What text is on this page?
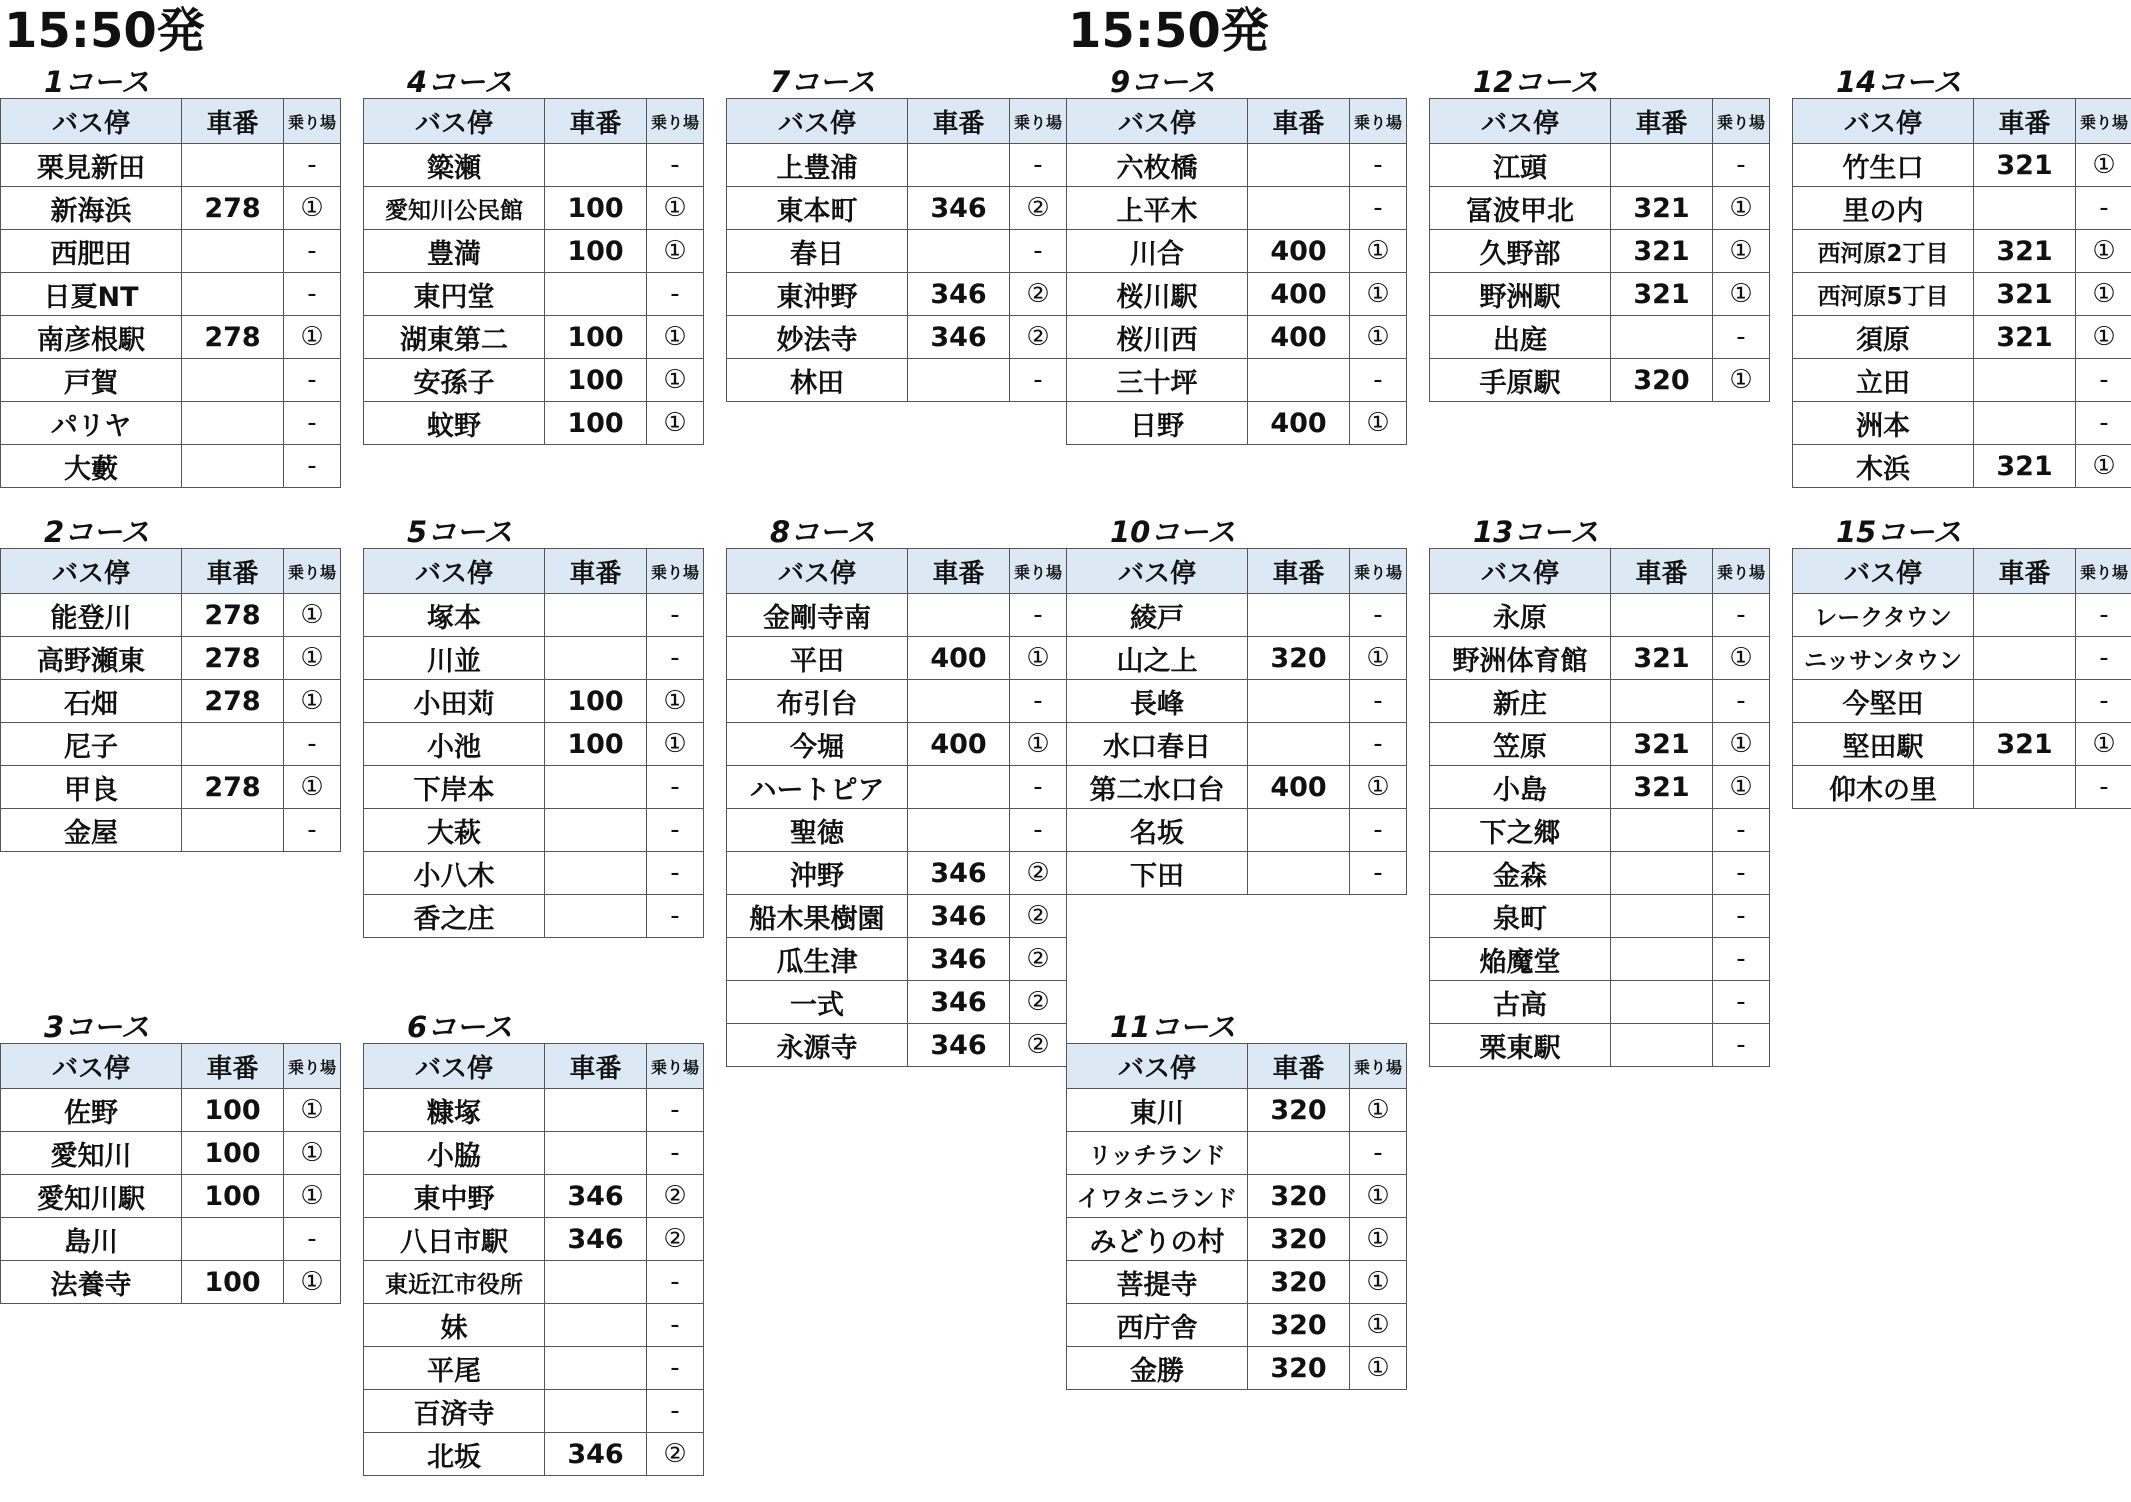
15:50発	15:50発
1コース
バス停	車番	乗り場
栗見新田		-
新海浜	278	①
西肥田		-
日夏NT		-
南彦根駅	278	①
戸賀		-
パリヤ		-
大藪		-
2コース
バス停	車番	乗り場
能登川	278	①
高野瀬東	278	①
石畑	278	①
尼子		-
甲良	278	①
金屋		-
3コース
バス停	車番	乗り場
佐野	100	①
愛知川	100	①
愛知川駅	100	①
島川		-
法養寺	100	①
4コース
バス停	車番	乗り場
簗瀬		-
愛知川公民館	100	①
豊満	100	①
東円堂		-
湖東第二	100	①
安孫子	100	①
蚊野	100	①
5コース
バス停	車番	乗り場
塚本		-
川並		-
小田苅	100	①
小池	100	①
下岸本		-
大萩		-
小八木		-
香之庄		-
6コース
バス停	車番	乗り場
糠塚		-
小脇		-
東中野	346	②
八日市駅	346	②
東近江市役所		-
妹		-
平尾		-
百済寺		-
北坂	346	②
7コース
バス停	車番	乗り場
上豊浦		-
東本町	346	②
春日		-
東沖野	346	②
妙法寺	346	②
林田		-
8コース
バス停	車番	乗り場
金剛寺南		-
平田	400	①
布引台		-
今堀	400	①
ハートピア		-
聖徳		-
沖野	346	②
船木果樹園	346	②
瓜生津	346	②
一式	346	②
永源寺	346	②
9コース
バス停	車番	乗り場
六枚橋		-
上平木		-
川合	400	①
桜川駅	400	①
桜川西	400	①
三十坪		-
日野	400	①
10コース
バス停	車番	乗り場
綾戸		-
山之上	320	①
長峰		-
水口春日		-
第二水口台	400	①
名坂		-
下田		-
11コース
バス停	車番	乗り場
東川	320	①
リッチランド		-
イワタニランド	320	①
みどりの村	320	①
菩提寺	320	①
西庁舎	320	①
金勝	320	①
12コース
バス停	車番	乗り場
江頭		-
冨波甲北	321	①
久野部	321	①
野洲駅	321	①
出庭		-
手原駅	320	①
13コース
バス停	車番	乗り場
永原		-
野洲体育館	321	①
新庄		-
笠原	321	①
小島	321	①
下之郷		-
金森		-
泉町		-
焔魔堂		-
古高		-
栗東駅		-
14コース
バス停	車番	乗り場
竹生口	321	①
里の内		-
西河原2丁目	321	①
西河原5丁目	321	①
須原	321	①
立田		-
洲本		-
木浜	321	①
15コース
バス停	車番	乗り場
レークタウン		-
ニッサンタウン		-
今堅田		-
堅田駅	321	①
仰木の里		-
